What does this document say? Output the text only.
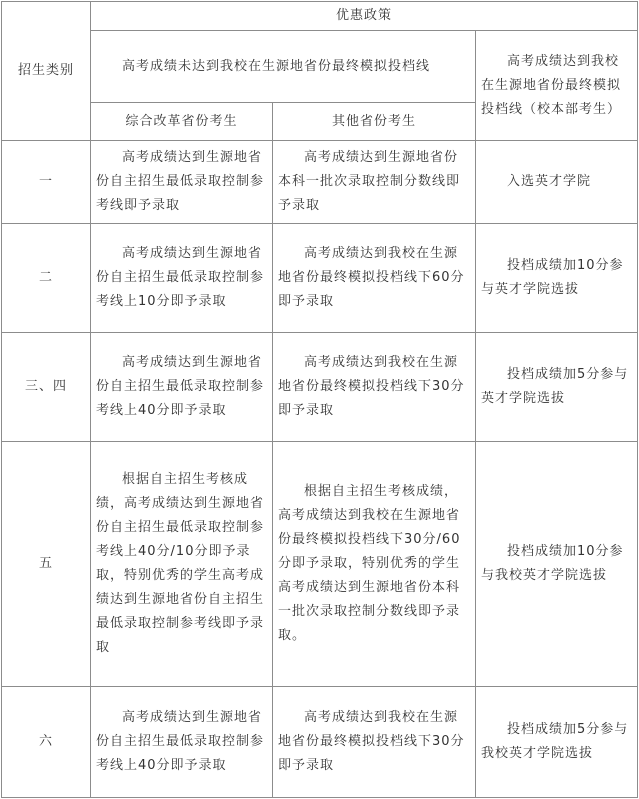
招生类别	优惠政策		
	高考成绩未达到我校在生源地省份最终模拟投档线		高考成绩达到我校在生源地省份最终模拟投档线（校本部考生）
	综合改革省份考生	其他省份考生	
一	高考成绩达到生源地省份自主招生最低录取控制参考线即予录取	高考成绩达到生源地省份本科一批次录取控制分数线即予录取	入选英才学院
二	高考成绩达到生源地省份自主招生最低录取控制参考线上10分即予录取	高考成绩达到我校在生源地省份最终模拟投档线下60分即予录取	投档成绩加10分参与英才学院选拔
三、四	高考成绩达到生源地省份自主招生最低录取控制参考线上40分即予录取	高考成绩达到我校在生源地省份最终模拟投档线下30分即予录取	投档成绩加5分参与英才学院选拔
五	根据自主招生考核成绩，高考成绩达到生源地省份自主招生最低录取控制参考线上40分/10分即予录取，特别优秀的学生高考成绩达到生源地省份自主招生最低录取控制参考线即予录取	根据自主招生考核成绩，高考成绩达到我校在生源地省份最终模拟投档线下30分/60分即予录取，特别优秀的学生高考成绩达到生源地省份本科一批次录取控制分数线即予录取。	投档成绩加10分参与我校英才学院选拔
六	高考成绩达到生源地省份自主招生最低录取控制参考线上40分即予录取	高考成绩达到我校在生源地省份最终模拟投档线下30分即予录取	投档成绩加5分参与我校英才学院选拔
